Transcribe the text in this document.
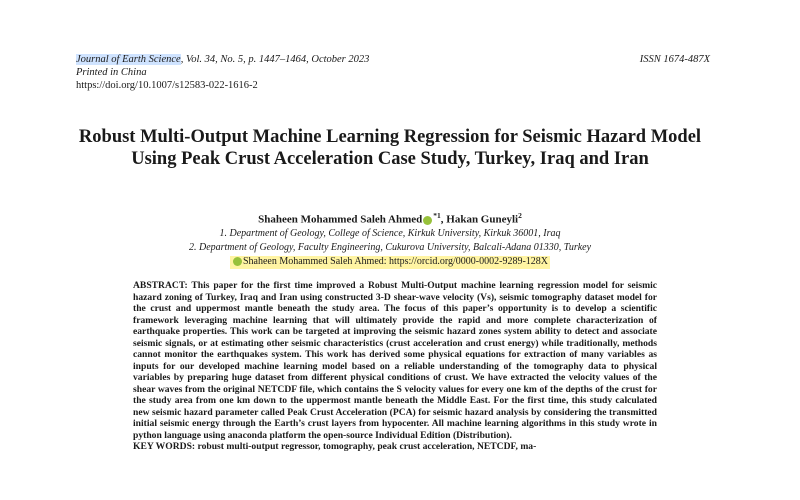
Journal of Earth Science, Vol. 34, No. 5, p. 1447–1464, October 2023	ISSN 1674-487X
Printed in China
https://doi.org/10.1007/s12583-022-1616-2
Robust Multi-Output Machine Learning Regression for Seismic Hazard Model Using Peak Crust Acceleration Case Study, Turkey, Iraq and Iran
Shaheen Mohammed Saleh Ahmed $^{*1}$, Hakan Guneyli$^2$
1. Department of Geology, College of Science, Kirkuk University, Kirkuk 36001, Iraq
2. Department of Geology, Faculty Engineering, Cukurova University, Balcali-Adana 01330, Turkey
Shaheen Mohammed Saleh Ahmed: https://orcid.org/0000-0002-9289-128X

ABSTRACT: This paper for the first time improved a Robust Multi-Output machine learning regression model for seismic hazard zoning of Turkey, Iraq and Iran using constructed 3-D shear-wave velocity (Vs), seismic tomography dataset model for the crust and uppermost mantle beneath the study area. The focus of this paper’s opportunity is to develop a scientific framework leveraging machine learning that will ultimately provide the rapid and more complete characterization of earthquake properties. This work can be targeted at improving the seismic hazard zones system ability to detect and associate seismic signals, or at estimating other seismic characteristics (crust acceleration and crust energy) while traditionally, methods cannot monitor the earthquakes system. This work has derived some physical equations for extraction of many variables as inputs for our developed machine learning model based on a reliable understanding of the tomography data to physical variables by preparing huge dataset from different physical conditions of crust. We have extracted the velocity values of the shear waves from the original NETCDF file, which contains the S velocity values for every one km of the depths of the crust for the study area from one km down to the uppermost mantle beneath the Middle East. For the first time, this study calculated new seismic hazard parameter called Peak Crust Acceleration (PCA) for seismic hazard analysis by considering the transmitted initial seismic energy through the Earth’s crust layers from hypocenter. All machine learning algorithms in this study wrote in python language using anaconda platform the open-source Individual Edition (Distribution).

KEY WORDS: robust multi-output regressor, tomography, peak crust acceleration, NETCDF, ma-
